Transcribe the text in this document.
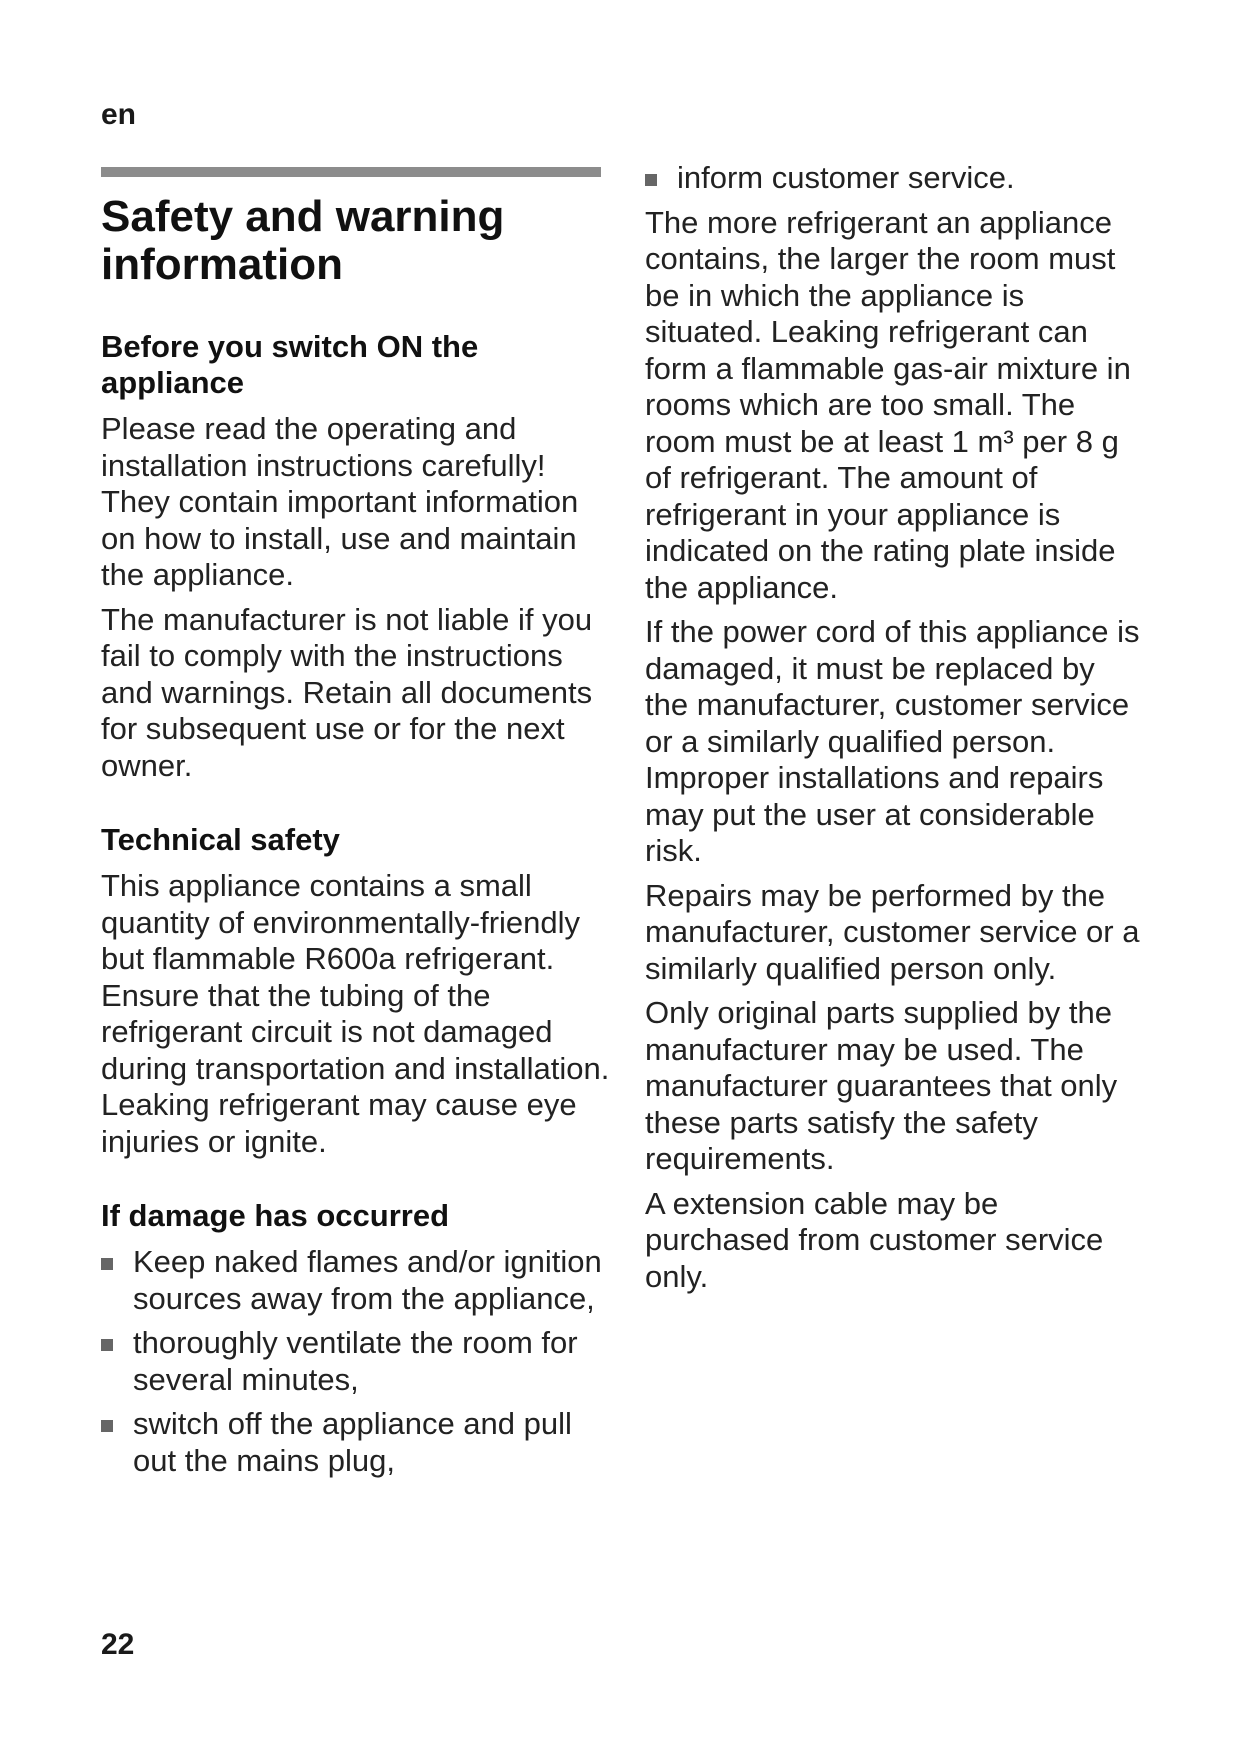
en

Safety and warning information
Before you switch ON the appliance

Please read the operating and installation instructions carefully! They contain important information on how to install, use and maintain the appliance.

The manufacturer is not liable if you fail to comply with the instructions and warnings. Retain all documents for subsequent use or for the next owner.

Technical safety

This appliance contains a small quantity of environmentally-friendly but flammable R600a refrigerant. Ensure that the tubing of the refrigerant circuit is not damaged during transportation and installation. Leaking refrigerant may cause eye injuries or ignite.

If damage has occurred
Keep naked flames and/or ignition sources away from the appliance,
thoroughly ventilate the room for several minutes,
switch off the appliance and pull out the mains plug,
inform customer service.

The more refrigerant an appliance contains, the larger the room must be in which the appliance is situated. Leaking refrigerant can form a flammable gas-air mixture in rooms which are too small. The room must be at least 1 m³ per 8 g of refrigerant. The amount of refrigerant in your appliance is indicated on the rating plate inside the appliance.

If the power cord of this appliance is damaged, it must be replaced by the manufacturer, customer service or a similarly qualified person. Improper installations and repairs may put the user at considerable risk.

Repairs may be performed by the manufacturer, customer service or a similarly qualified person only.

Only original parts supplied by the manufacturer may be used. The manufacturer guarantees that only these parts satisfy the safety requirements.

A extension cable may be purchased from customer service only.

22
